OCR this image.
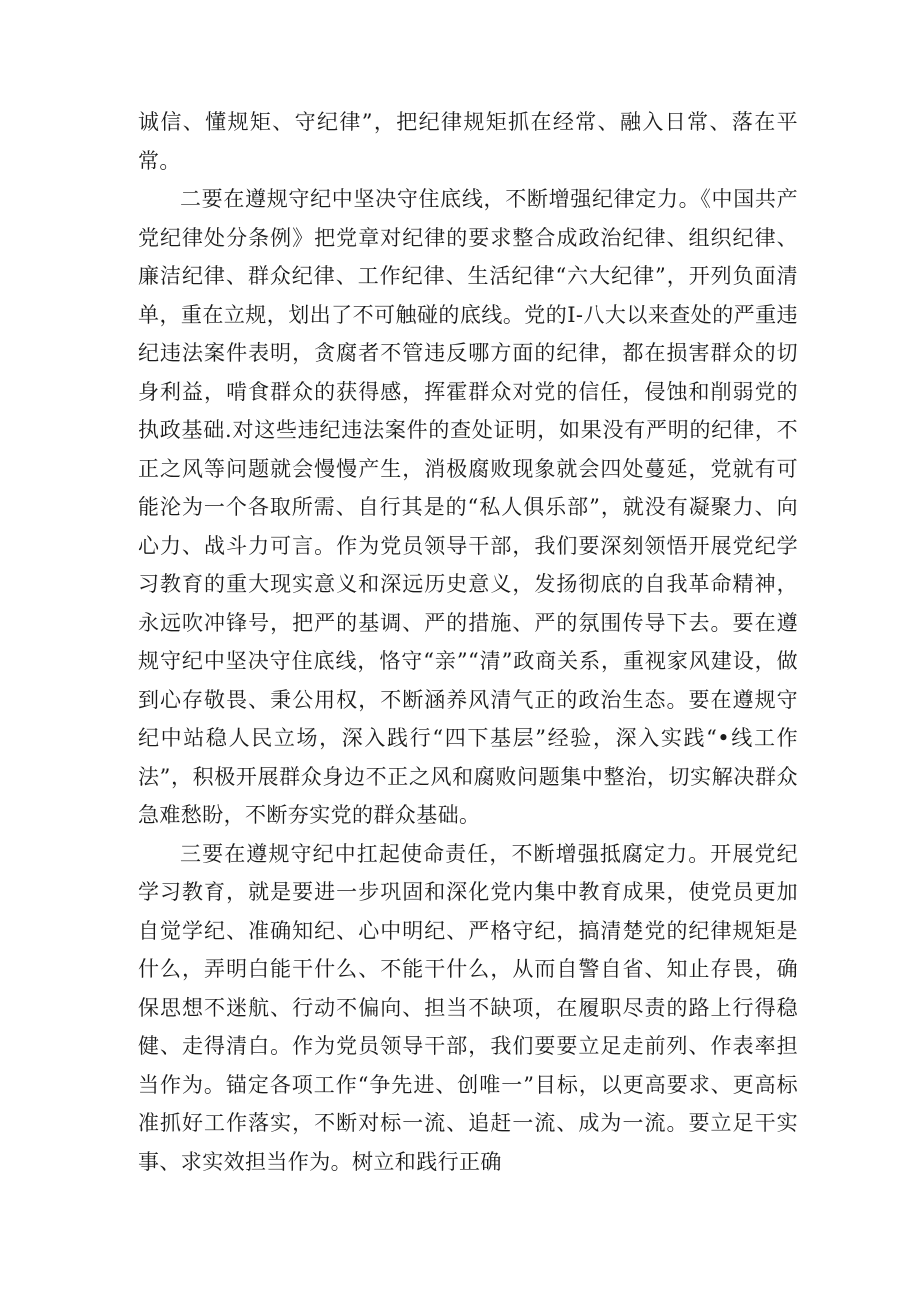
诚信、懂规矩、守纪律”，把纪律规矩抓在经常、融入日常、落在平常。

二要在遵规守纪中坚决守住底线，不断增强纪律定力。《中国共产党纪律处分条例》把党章对纪律的要求整合成政治纪律、组织纪律、廉洁纪律、群众纪律、工作纪律、生活纪律“六大纪律”，开列负面清单，重在立规，划出了不可触碰的底线。党的I-八大以来查处的严重违纪违法案件表明，贪腐者不管违反哪方面的纪律，都在损害群众的切身利益，啃食群众的获得感，挥霍群众对党的信任，侵蚀和削弱党的执政基础.对这些违纪违法案件的查处证明，如果没有严明的纪律，不正之风等问题就会慢慢产生，消极腐败现象就会四处蔓延，党就有可能沦为一个各取所需、自行其是的“私人俱乐部”，就没有凝聚力、向心力、战斗力可言。作为党员领导干部，我们要深刻领悟开展党纪学习教育的重大现实意义和深远历史意义，发扬彻底的自我革命精神，永远吹冲锋号，把严的基调、严的措施、严的氛围传导下去。要在遵规守纪中坚决守住底线，恪守“亲”“清”政商关系，重视家风建设，做到心存敬畏、秉公用权，不断涵养风清气正的政治生态。要在遵规守纪中站稳人民立场，深入践行“四下基层”经验，深入实践“•线工作法”，积极开展群众身边不正之风和腐败问题集中整治，切实解决群众急难愁盼，不断夯实党的群众基础。

三要在遵规守纪中扛起使命责任，不断增强抵腐定力。开展党纪学习教育，就是要进一步巩固和深化党内集中教育成果，使党员更加自觉学纪、准确知纪、心中明纪、严格守纪，搞清楚党的纪律规矩是什么，弄明白能干什么、不能干什么，从而自警自省、知止存畏，确保思想不迷航、行动不偏向、担当不缺项，在履职尽责的路上行得稳健、走得清白。作为党员领导干部，我们要要立足走前列、作表率担当作为。锚定各项工作“争先进、创唯一”目标，以更高要求、更高标准抓好工作落实，不断对标一流、追赶一流、成为一流。要立足干实事、求实效担当作为。树立和践行正确
